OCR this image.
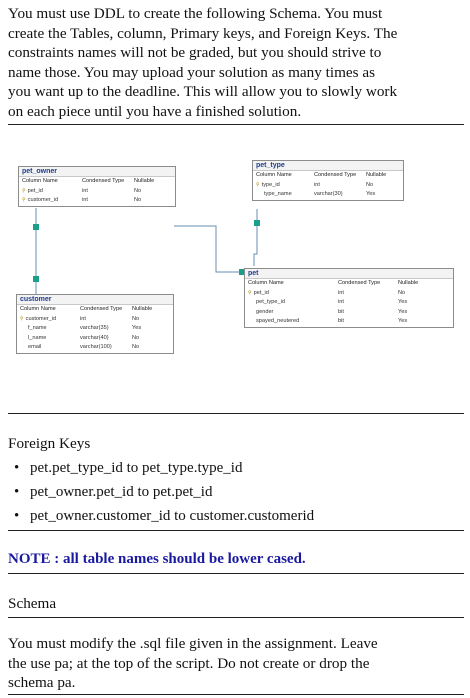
You must use DDL to create the following Schema. You must
create the Tables, column, Primary keys, and Foreign Keys. The
constraints names will not be graded, but you should strive to
name those. You may upload your solution as many times as
you want up to the deadline. This will allow you to slowly work
on each piece until you have a finished solution.
pet_owner
Column Name	Condensed Type	Nullable
⚲ pet_id	int	No
⚲ customer_id	int	No
pet_type
Column Name	Condensed Type	Nullable
⚲ type_id	int	No
type_name	varchar(30)	Yes
pet
Column Name	Condensed Type	Nullable
⚲ pet_id	int	No
pet_type_id	int	Yes
gender	bit	Yes
spayed_neutered	bit	Yes
customer
Column Name	Condensed Type	Nullable
⚲ customer_id	int	No
f_name	varchar(35)	Yes
l_name	varchar(40)	No
email	varchar(100)	No
Foreign Keys
• pet.pet_type_id to pet_type.type_id
• pet_owner.pet_id to pet.pet_id
• pet_owner.customer_id to customer.customerid
NOTE : all table names should be lower cased.
Schema
You must modify the .sql file given in the assignment. Leave
the use pa; at the top of the script. Do not create or drop the
schema pa.
